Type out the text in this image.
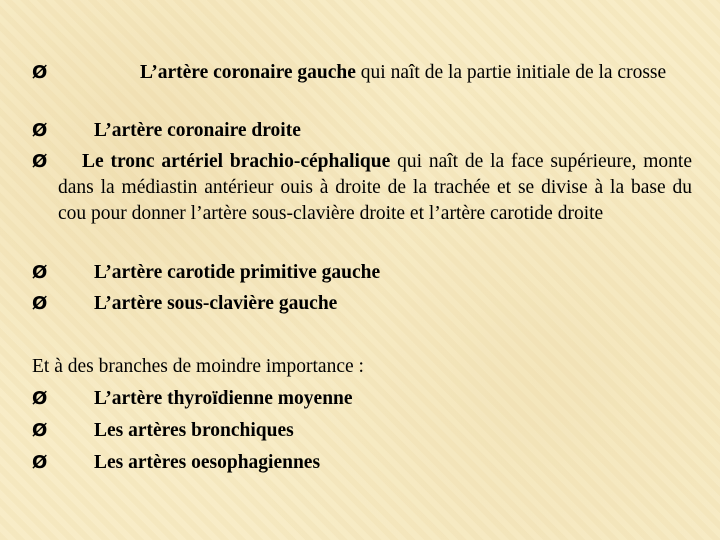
Ø	L’artère coronaire gauche qui naît de la partie initiale de la crosse
Ø	L’artère coronaire droite
Ø	Le tronc artériel brachio-céphalique qui naît de la face supérieure, monte dans la médiastin antérieur ouis à droite de la trachée et se divise à la base du cou pour donner l’artère sous-clavière droite et l’artère carotide droite
Ø	L’artère carotide primitive gauche
Ø	L’artère sous-clavière gauche
Et à des branches de moindre importance :
Ø	L’artère thyroïdienne moyenne
Ø	Les artères bronchiques
Ø	Les artères oesophagiennes
